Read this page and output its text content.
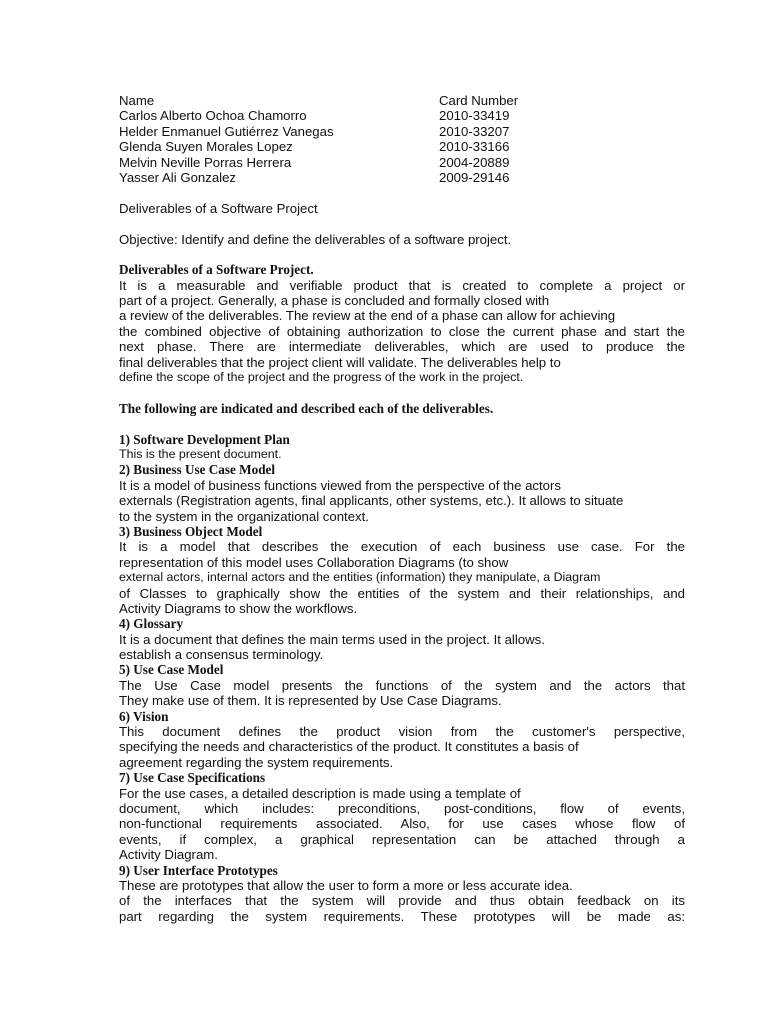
Name	Card Number
Carlos Alberto Ochoa Chamorro	2010-33419
Helder Enmanuel Gutiérrez Vanegas	2010-33207
Glenda Suyen Morales Lopez	2010-33166
Melvin Neville Porras Herrera	2004-20889
Yasser Ali Gonzalez	2009-29146
Deliverables of a Software Project
Objective: Identify and define the deliverables of a software project.
Deliverables of a Software Project.
It is a measurable and verifiable product that is created to complete a project or
part of a project. Generally, a phase is concluded and formally closed with
a review of the deliverables. The review at the end of a phase can allow for achieving
the combined objective of obtaining authorization to close the current phase and start the
next phase. There are intermediate deliverables, which are used to produce the
final deliverables that the project client will validate. The deliverables help to
define the scope of the project and the progress of the work in the project.
The following are indicated and described each of the deliverables.
1) Software Development Plan
This is the present document.
2) Business Use Case Model
It is a model of business functions viewed from the perspective of the actors
externals (Registration agents, final applicants, other systems, etc.). It allows to situate
to the system in the organizational context.
3) Business Object Model
It is a model that describes the execution of each business use case. For the
representation of this model uses Collaboration Diagrams (to show
external actors, internal actors and the entities (information) they manipulate, a Diagram
of Classes to graphically show the entities of the system and their relationships, and
Activity Diagrams to show the workflows.
4) Glossary
It is a document that defines the main terms used in the project. It allows.
establish a consensus terminology.
5) Use Case Model
The Use Case model presents the functions of the system and the actors that
They make use of them. It is represented by Use Case Diagrams.
6) Vision
This document defines the product vision from the customer's perspective,
specifying the needs and characteristics of the product. It constitutes a basis of
agreement regarding the system requirements.
7) Use Case Specifications
For the use cases, a detailed description is made using a template of
document, which includes: preconditions, post-conditions, flow of events,
non-functional requirements associated. Also, for use cases whose flow of
events, if complex, a graphical representation can be attached through a
Activity Diagram.
9) User Interface Prototypes
These are prototypes that allow the user to form a more or less accurate idea.
of the interfaces that the system will provide and thus obtain feedback on its
part regarding the system requirements. These prototypes will be made as:
